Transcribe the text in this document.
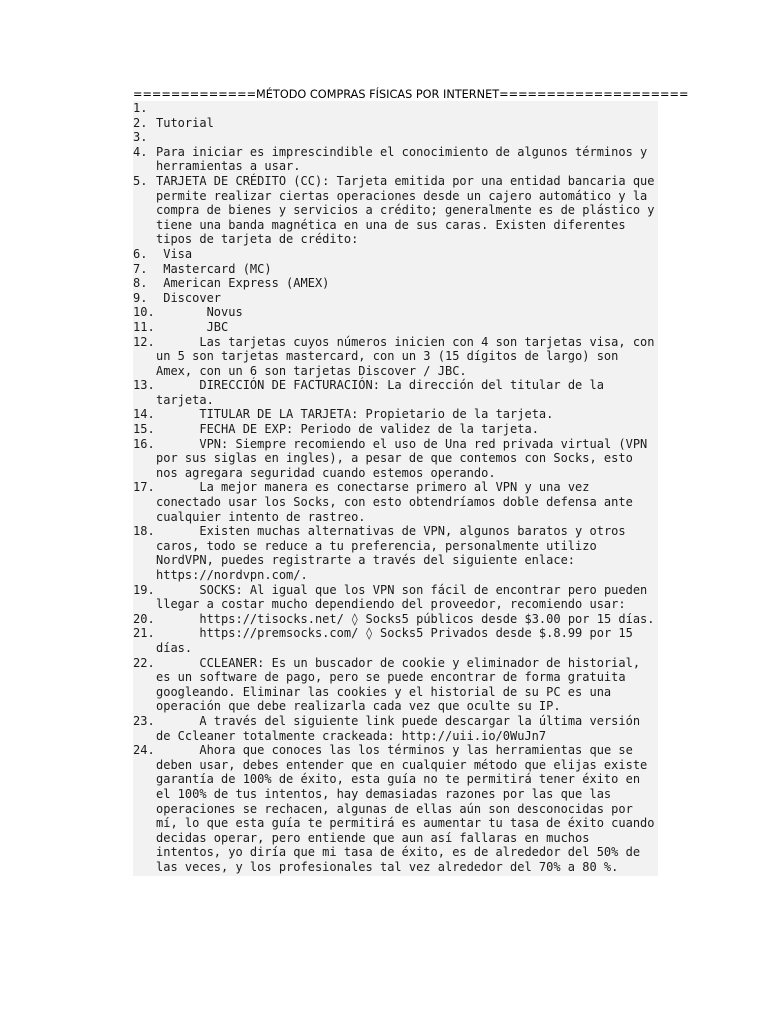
=============MÉTODO COMPRAS FÍSICAS POR INTERNET====================
1.
2. Tutorial
3.
4. Para iniciar es imprescindible el conocimiento de algunos términos y herramientas a usar.
5. TARJETA DE CRÉDITO (CC): Tarjeta emitida por una entidad bancaria que permite realizar ciertas operaciones desde un cajero automático y la compra de bienes y servicios a crédito; generalmente es de plástico y tiene una banda magnética en una de sus caras. Existen diferentes tipos de tarjeta de crédito:
6. Visa
7. Mastercard (MC)
8. American Express (AMEX)
9. Discover
10. Novus
11. JBC
12. Las tarjetas cuyos números inicien con 4 son tarjetas visa, con un 5 son tarjetas mastercard, con un 3 (15 dígitos de largo) son Amex, con un 6 son tarjetas Discover / JBC.
13. DIRECCIÓN DE FACTURACIÓN: La dirección del titular de la tarjeta.
14. TITULAR DE LA TARJETA: Propietario de la tarjeta.
15. FECHA DE EXP: Periodo de validez de la tarjeta.
16. VPN: Siempre recomiendo el uso de Una red privada virtual (VPN por sus siglas en ingles), a pesar de que contemos con Socks, esto nos agregara seguridad cuando estemos operando.
17. La mejor manera es conectarse primero al VPN y una vez conectado usar los Socks, con esto obtendríamos doble defensa ante cualquier intento de rastreo.
18. Existen muchas alternativas de VPN, algunos baratos y otros caros, todo se reduce a tu preferencia, personalmente utilizo NordVPN, puedes registrarte a través del siguiente enlace: https://nordvpn.com/.
19. SOCKS: Al igual que los VPN son fácil de encontrar pero pueden llegar a costar mucho dependiendo del proveedor, recomiendo usar:
20. https://tisocks.net/ ◊ Socks5 públicos desde $3.00 por 15 días.
21. https://premsocks.com/ ◊ Socks5 Privados desde $.8.99 por 15 días.
22. CCLEANER: Es un buscador de cookie y eliminador de historial, es un software de pago, pero se puede encontrar de forma gratuita googleando. Eliminar las cookies y el historial de su PC es una operación que debe realizarla cada vez que oculte su IP.
23. A través del siguiente link puede descargar la última versión de Ccleaner totalmente crackeada: http://uii.io/0WuJn7
24. Ahora que conoces las los términos y las herramientas que se deben usar, debes entender que en cualquier método que elijas existe garantía de 100% de éxito, esta guía no te permitirá tener éxito en el 100% de tus intentos, hay demasiadas razones por las que las operaciones se rechacen, algunas de ellas aún son desconocidas por mí, lo que esta guía te permitirá es aumentar tu tasa de éxito cuando decidas operar, pero entiende que aun así fallaras en muchos intentos, yo diría que mi tasa de éxito, es de alrededor del 50% de las veces, y los profesionales tal vez alrededor del 70% a 80 %.
